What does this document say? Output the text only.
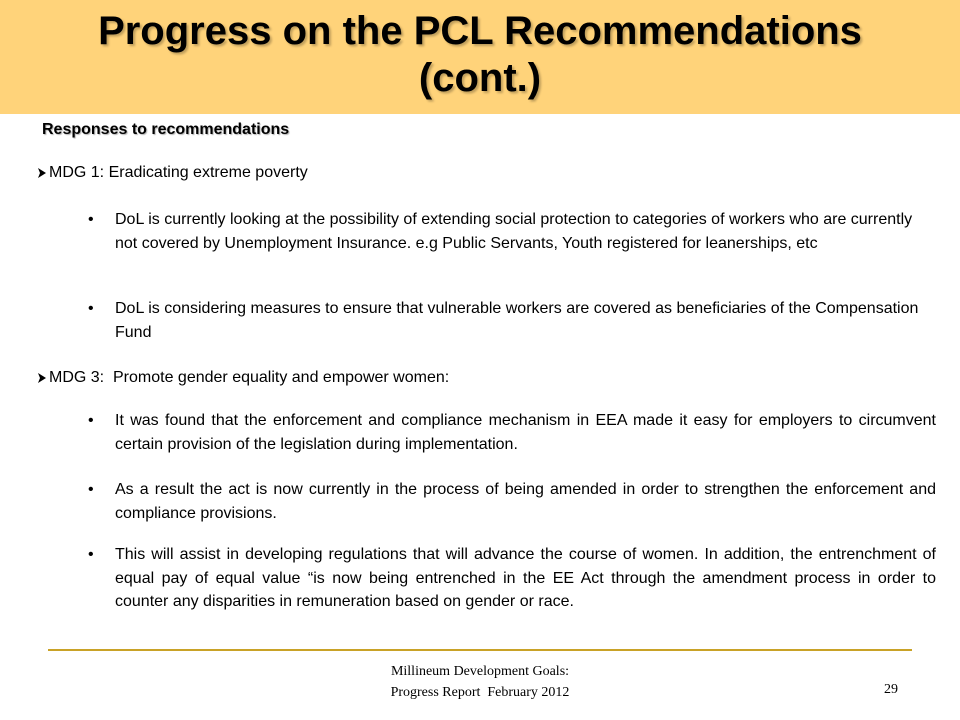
Progress on the PCL Recommendations
(cont.)
Responses to recommendations
MDG 1: Eradicating extreme poverty
• DoL is currently looking at the possibility of extending social protection to categories of workers who are currently not covered by Unemployment Insurance. e.g Public Servants, Youth registered for leanerships, etc
• DoL is considering measures to ensure that vulnerable workers are covered as beneficiaries of the Compensation Fund
MDG 3:  Promote gender equality and empower women:
• It was found that the enforcement and compliance mechanism in EEA made it easy for employers to circumvent certain provision of the legislation during implementation.
• As a result the act is now currently in the process of being amended in order to strengthen the enforcement and compliance provisions.
• This will assist in developing regulations that will advance the course of women. In addition, the entrenchment of equal pay of equal value “is now being entrenched in the EE Act through the amendment process in order to counter any disparities in remuneration based on gender or race.
Millineum Development Goals:
Progress Report  February 2012	29
